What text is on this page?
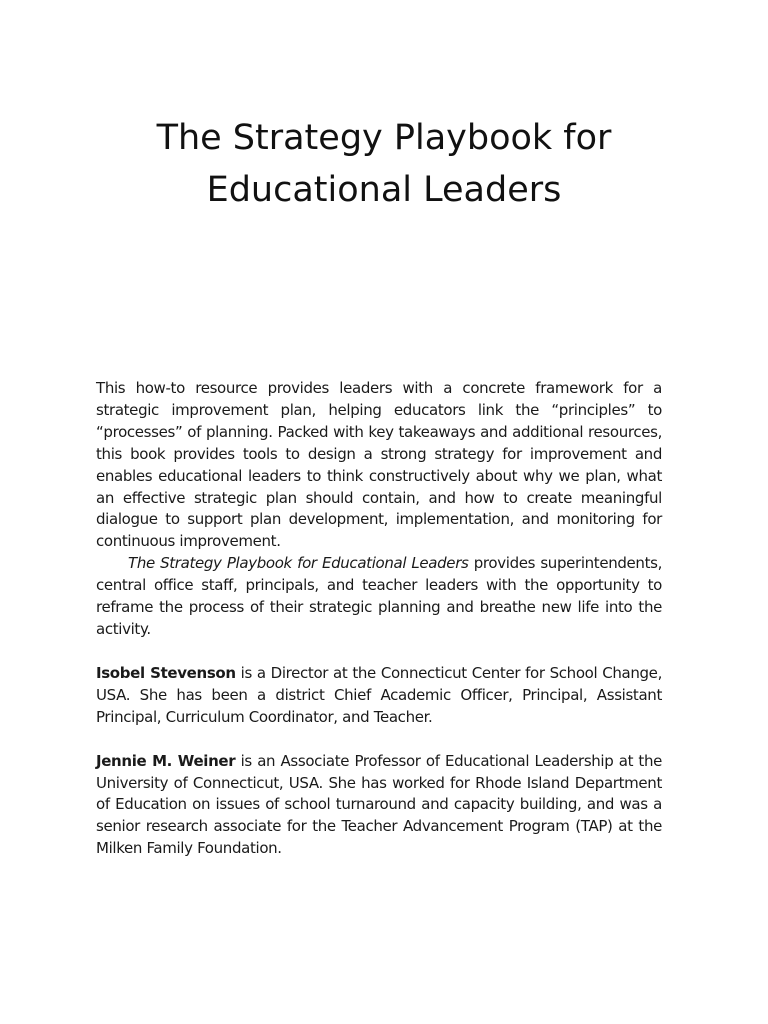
The Strategy Playbook for
Educational Leaders

This how-to resource provides leaders with a concrete framework for a strategic improvement plan, helping educators link the “principles” to “processes” of planning. Packed with key takeaways and additional resources, this book provides tools to design a strong strategy for improvement and enables educational leaders to think constructively about why we plan, what an effective strategic plan should contain, and how to create meaningful dialogue to support plan development, implementation, and monitoring for continuous improvement.

The Strategy Playbook for Educational Leaders provides superintendents, central office staff, principals, and teacher leaders with the opportunity to reframe the process of their strategic planning and breathe new life into the activity.

Isobel Stevenson is a Director at the Connecticut Center for School Change, USA. She has been a district Chief Academic Officer, Principal, Assistant Principal, Curriculum Coordinator, and Teacher.

Jennie M. Weiner is an Associate Professor of Educational Leadership at the University of Connecticut, USA. She has worked for Rhode Island Department of Education on issues of school turnaround and capacity building, and was a senior research associate for the Teacher Advancement Program (TAP) at the Milken Family Foundation.
